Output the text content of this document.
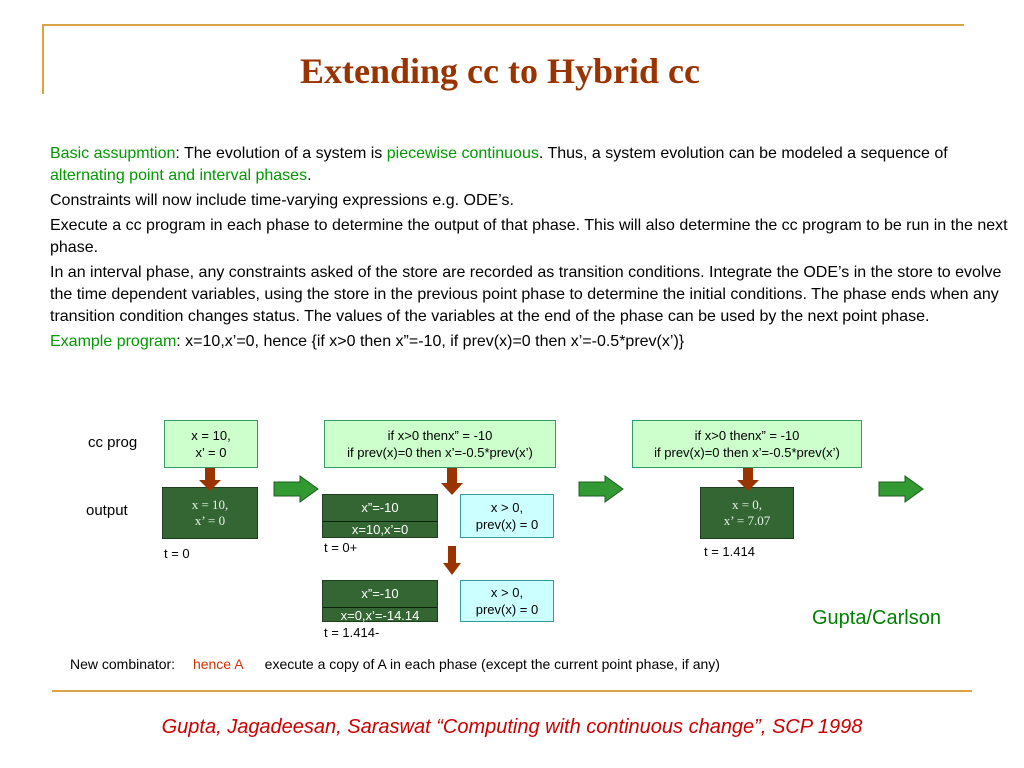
Extending cc to Hybrid cc

Basic assupmtion: The evolution of a system is piecewise continuous. Thus, a system evolution can be modeled a sequence of alternating point and interval phases.

Constraints will now include time-varying expressions e.g. ODE’s.

Execute a cc program in each phase to determine the output of that phase. This will also determine the cc program to be run in the next phase.

In an interval phase, any constraints asked of the store are recorded as transition conditions. Integrate the ODE’s in the store to evolve the time dependent variables, using the store in the previous point phase to determine the initial conditions. The phase ends when any transition condition changes status. The values of the variables at the end of the phase can be used by the next point phase.

Example program: x=10,x’=0, hence {if x>0 then x”=-10, if prev(x)=0 then x’=-0.5*prev(x’)}

cc prog
output
x = 10,
x’ = 0
if x>0 thenx” = -10
if prev(x)=0 then x’=-0.5*prev(x’)
if x>0 thenx” = -10
if prev(x)=0 then x’=-0.5*prev(x’)
x = 10,
x’ = 0
t = 0
x”=-10
x=10,x’=0
t = 0+
x > 0,
prev(x) = 0
x”=-10
x=0,x’=-14.14
t = 1.414-
x > 0,
prev(x) = 0
x = 0,
x’ = 7.07
t = 1.414
Gupta/Carlson
New combinator: hence A execute a copy of A in each phase (except the current point phase, if any)
Gupta, Jagadeesan, Saraswat “Computing with continuous change”, SCP 1998
